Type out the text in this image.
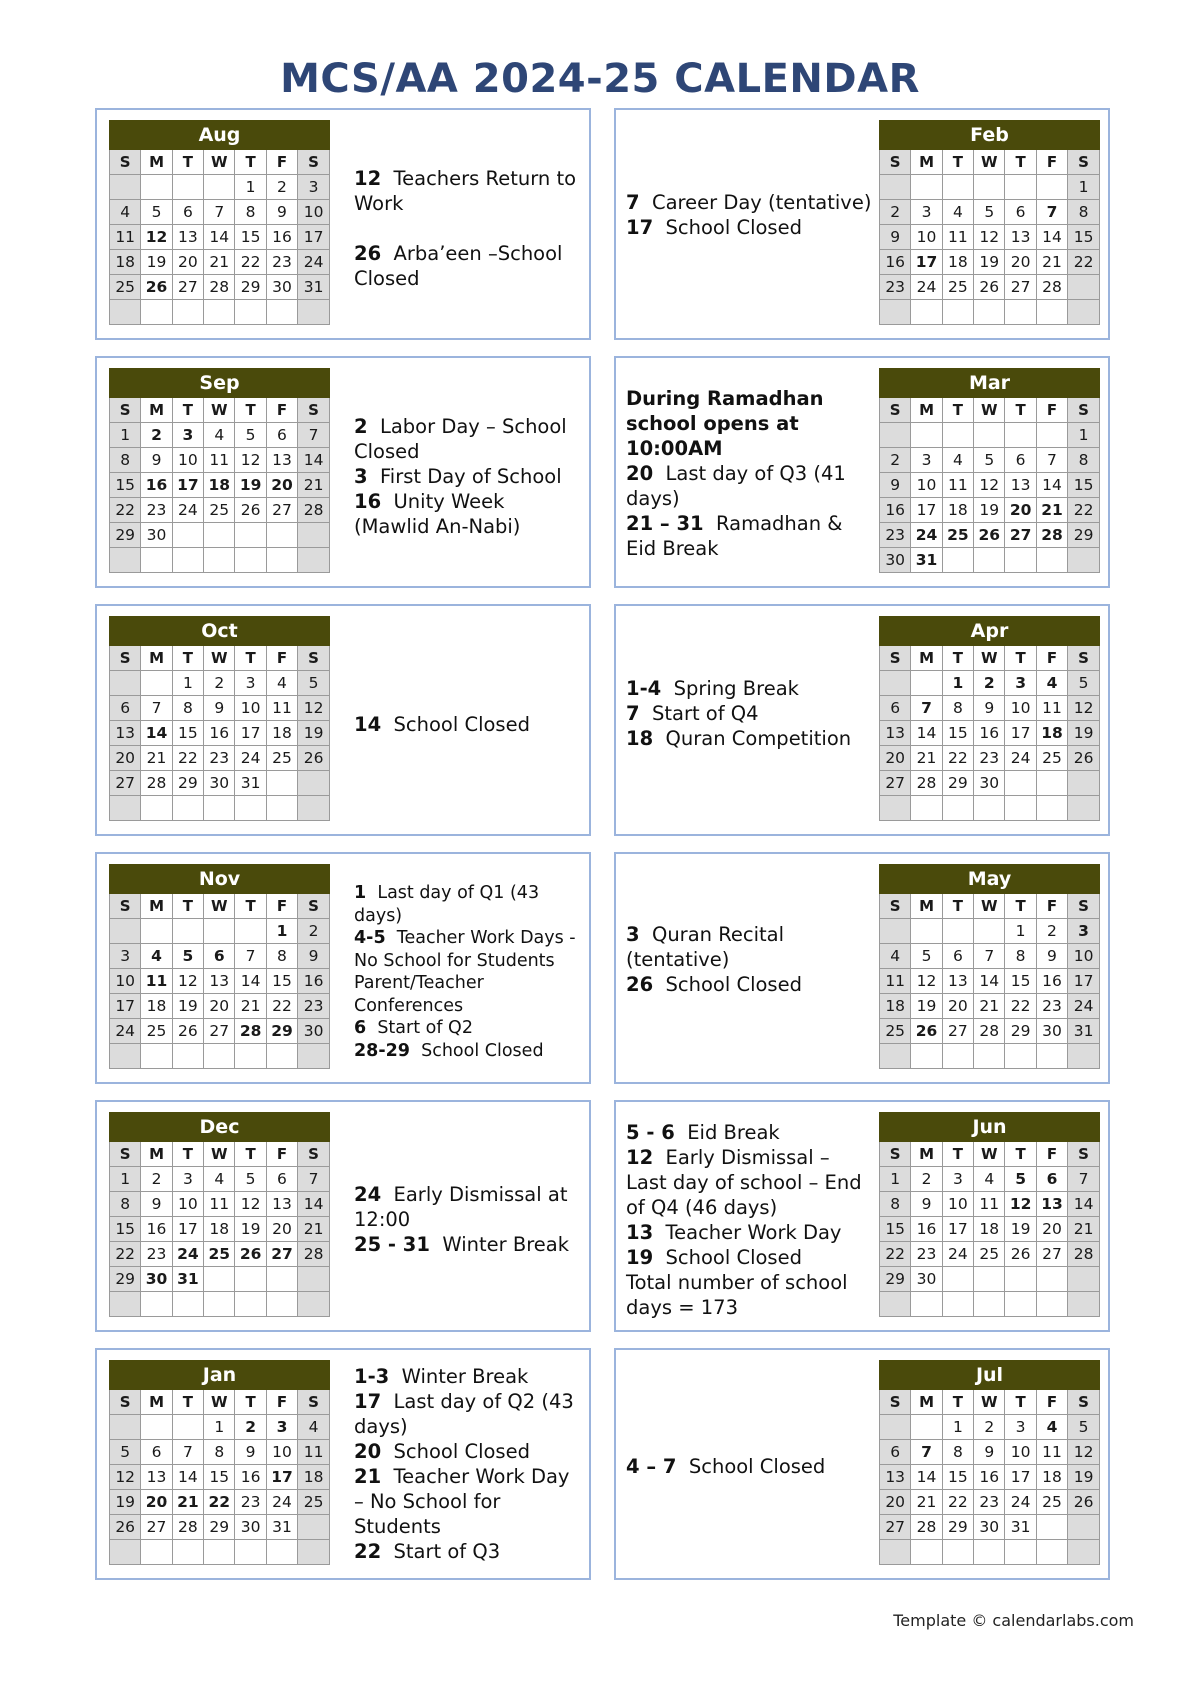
MCS/AA 2024-25 CALENDAR
Aug						
S	M	T	W	T	F	S
				1	2	3
4	5	6	7	8	9	10
11	12	13	14	15	16	17
18	19	20	21	22	23	24
25	26	27	28	29	30	31

12  Teachers Return to Work

26  Arba’een –School Closed
Feb						
S	M	T	W	T	F	S
						1
2	3	4	5	6	7	8
9	10	11	12	13	14	15
16	17	18	19	20	21	22
23	24	25	26	27	28	

7  Career Day (tentative)
17  School Closed
Sep						
S	M	T	W	T	F	S
1	2	3	4	5	6	7
8	9	10	11	12	13	14
15	16	17	18	19	20	21
22	23	24	25	26	27	28
29	30					

2  Labor Day – School Closed
3  First Day of School
16  Unity Week (Mawlid An-Nabi)
Mar						
S	M	T	W	T	F	S
						1
2	3	4	5	6	7	8
9	10	11	12	13	14	15
16	17	18	19	20	21	22
23	24	25	26	27	28	29
30	31					
During Ramadhan school opens at 10:00AM
20  Last day of Q3 (41 days)
21 – 31  Ramadhan & Eid Break
Oct						
S	M	T	W	T	F	S
		1	2	3	4	5
6	7	8	9	10	11	12
13	14	15	16	17	18	19
20	21	22	23	24	25	26
27	28	29	30	31		

14  School Closed
Apr						
S	M	T	W	T	F	S
		1	2	3	4	5
6	7	8	9	10	11	12
13	14	15	16	17	18	19
20	21	22	23	24	25	26
27	28	29	30			

1-4  Spring Break
7  Start of Q4
18  Quran Competition
Nov						
S	M	T	W	T	F	S
					1	2
3	4	5	6	7	8	9
10	11	12	13	14	15	16
17	18	19	20	21	22	23
24	25	26	27	28	29	30

1  Last day of Q1 (43 days)
4-5  Teacher Work Days - No School for Students Parent/Teacher Conferences
6  Start of Q2
28-29  School Closed
May						
S	M	T	W	T	F	S
				1	2	3
4	5	6	7	8	9	10
11	12	13	14	15	16	17
18	19	20	21	22	23	24
25	26	27	28	29	30	31

3  Quran Recital (tentative)
26  School Closed
Dec						
S	M	T	W	T	F	S
1	2	3	4	5	6	7
8	9	10	11	12	13	14
15	16	17	18	19	20	21
22	23	24	25	26	27	28
29	30	31				

24  Early Dismissal at 12:00
25 - 31  Winter Break
Jun						
S	M	T	W	T	F	S
1	2	3	4	5	6	7
8	9	10	11	12	13	14
15	16	17	18	19	20	21
22	23	24	25	26	27	28
29	30					

5 - 6  Eid Break
12  Early Dismissal – Last day of school – End of Q4 (46 days)
13  Teacher Work Day
19  School Closed
Total number of school days = 173
Jan						
S	M	T	W	T	F	S
			1	2	3	4
5	6	7	8	9	10	11
12	13	14	15	16	17	18
19	20	21	22	23	24	25
26	27	28	29	30	31	

1-3  Winter Break
17  Last day of Q2 (43 days)
20  School Closed
21  Teacher Work Day – No School for Students
22  Start of Q3
Jul						
S	M	T	W	T	F	S
		1	2	3	4	5
6	7	8	9	10	11	12
13	14	15	16	17	18	19
20	21	22	23	24	25	26
27	28	29	30	31		

4 – 7  School Closed
Template © calendarlabs.com
